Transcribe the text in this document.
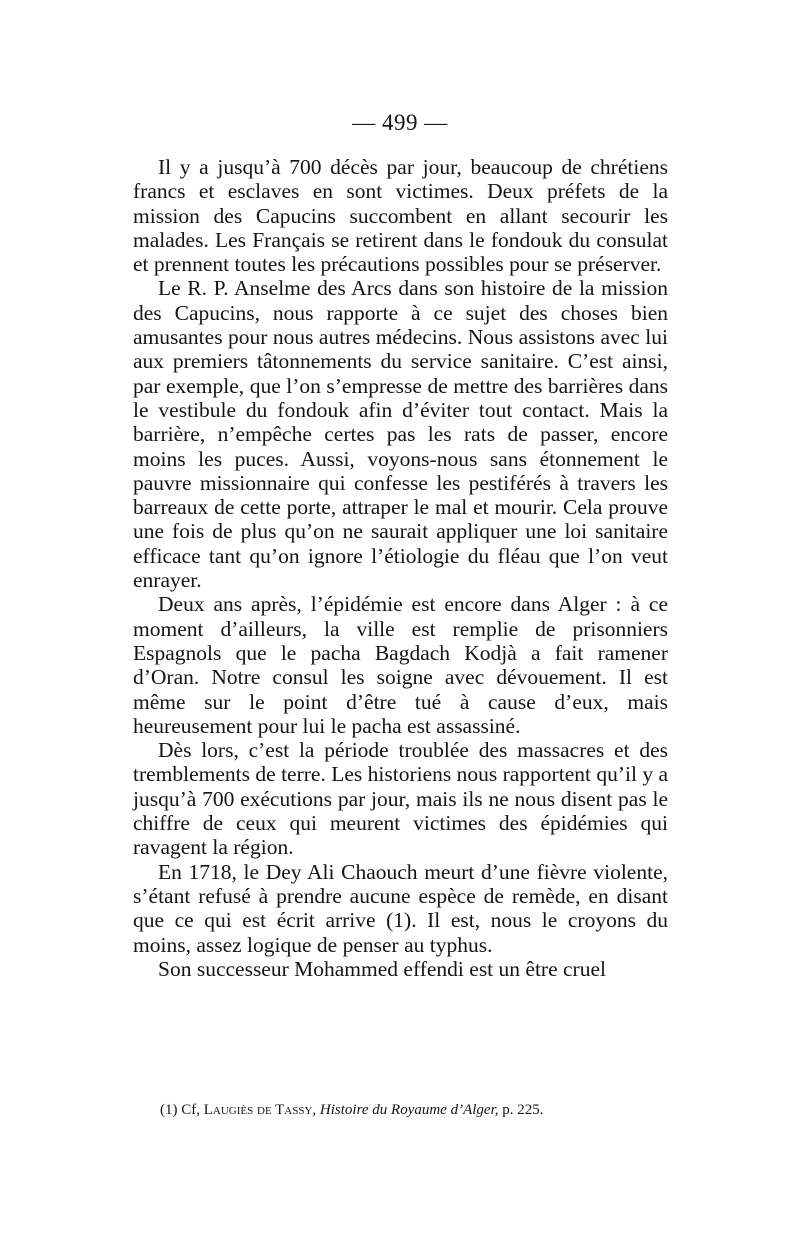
— 499 —

Il y a jusqu’à 700 décès par jour, beaucoup de chrétiens francs et esclaves en sont victimes. Deux préfets de la mission des Capucins succombent en allant secourir les malades. Les Français se retirent dans le fondouk du consulat et prennent toutes les précautions possibles pour se préserver.

Le R. P. Anselme des Arcs dans son histoire de la mission des Capucins, nous rapporte à ce sujet des choses bien amusantes pour nous autres médecins. Nous assistons avec lui aux premiers tâtonnements du service sanitaire. C’est ainsi, par exemple, que l’on s’empresse de mettre des barrières dans le vestibule du fondouk afin d’éviter tout contact. Mais la barrière, n’empêche certes pas les rats de passer, encore moins les puces. Aussi, voyons-nous sans étonnement le pauvre missionnaire qui confesse les pestiférés à travers les barreaux de cette porte, attraper le mal et mourir. Cela prouve une fois de plus qu’on ne saurait appliquer une loi sanitaire efficace tant qu’on ignore l’étiologie du fléau que l’on veut enrayer.

Deux ans après, l’épidémie est encore dans Alger : à ce moment d’ailleurs, la ville est remplie de prisonniers Espagnols que le pacha Bagdach Kodjà a fait ramener d’Oran. Notre consul les soigne avec dévouement. Il est même sur le point d’être tué à cause d’eux, mais heureusement pour lui le pacha est assassiné.

Dès lors, c’est la période troublée des massacres et des tremblements de terre. Les historiens nous rapportent qu’il y a jusqu’à 700 exécutions par jour, mais ils ne nous disent pas le chiffre de ceux qui meurent victimes des épidémies qui ravagent la région.

En 1718, le Dey Ali Chaouch meurt d’une fièvre violente, s’étant refusé à prendre aucune espèce de remède, en disant que ce qui est écrit arrive (1). Il est, nous le croyons du moins, assez logique de penser au typhus.

Son successeur Mohammed effendi est un être cruel

(1) Cf, Laugiès de Tassy, Histoire du Royaume d’Alger, p. 225.
